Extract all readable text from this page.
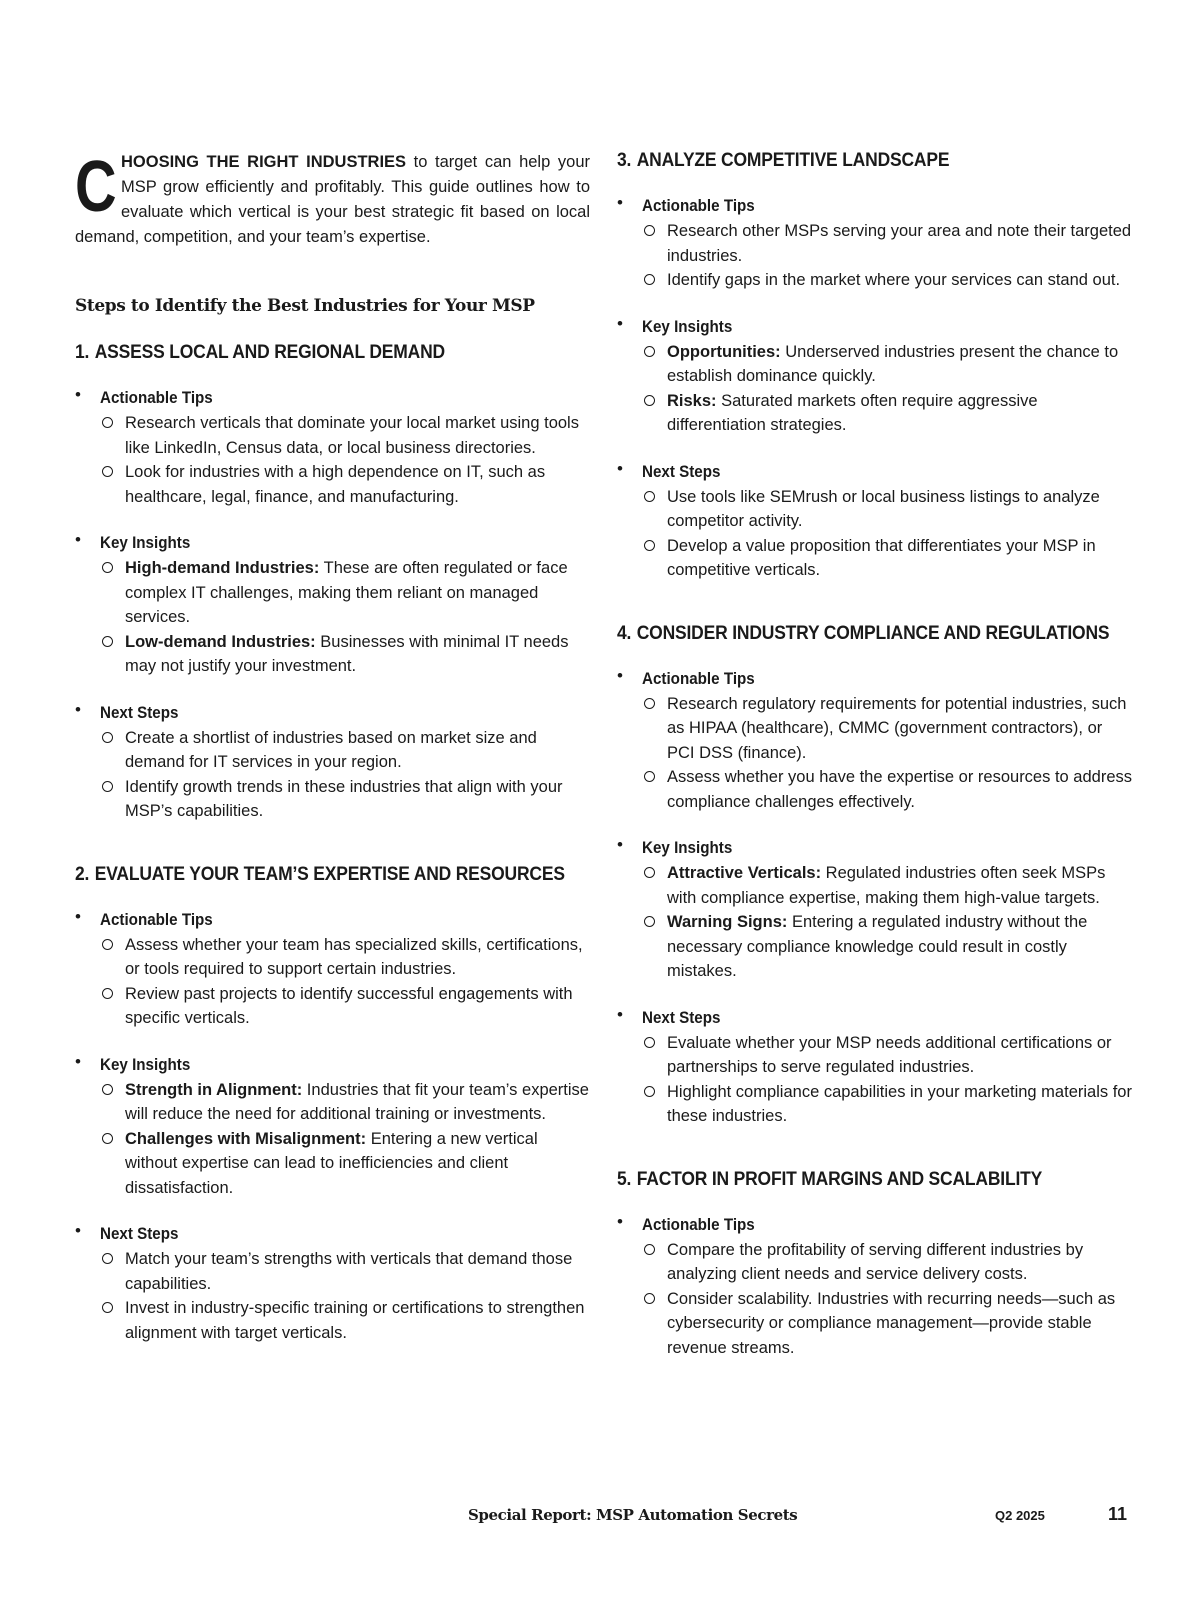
CHOOSING THE RIGHT INDUSTRIES to target can help your MSP grow efficiently and profitably. This guide outlines how to evaluate which vertical is your best strategic fit based on local demand, competition, and your team’s expertise.

Steps to Identify the Best Industries for Your MSP
1. ASSESS LOCAL AND REGIONAL DEMAND
• Actionable Tips
Research verticals that dominate your local market using tools like LinkedIn, Census data, or local business directories.
Look for industries with a high dependence on IT, such as healthcare, legal, finance, and manufacturing.
• Key Insights
High-demand Industries: These are often regulated or face complex IT challenges, making them reliant on managed services.
Low-demand Industries: Businesses with minimal IT needs may not justify your investment.
• Next Steps
Create a shortlist of industries based on market size and demand for IT services in your region.
Identify growth trends in these industries that align with your MSP’s capabilities.
2. EVALUATE YOUR TEAM’S EXPERTISE AND RESOURCES
• Actionable Tips
Assess whether your team has specialized skills, certifications, or tools required to support certain industries.
Review past projects to identify successful engagements with specific verticals.
• Key Insights
Strength in Alignment: Industries that fit your team’s expertise will reduce the need for additional training or investments.
Challenges with Misalignment: Entering a new vertical without expertise can lead to inefficiencies and client dissatisfaction.
• Next Steps
Match your team’s strengths with verticals that demand those capabilities.
Invest in industry-specific training or certifications to strengthen alignment with target verticals.
3. ANALYZE COMPETITIVE LANDSCAPE
• Actionable Tips
Research other MSPs serving your area and note their targeted industries.
Identify gaps in the market where your services can stand out.
• Key Insights
Opportunities: Underserved industries present the chance to establish dominance quickly.
Risks: Saturated markets often require aggressive differentiation strategies.
• Next Steps
Use tools like SEMrush or local business listings to analyze competitor activity.
Develop a value proposition that differentiates your MSP in competitive verticals.
4. CONSIDER INDUSTRY COMPLIANCE AND REGULATIONS
• Actionable Tips
Research regulatory requirements for potential industries, such as HIPAA (healthcare), CMMC (government contractors), or PCI DSS (finance).
Assess whether you have the expertise or resources to address compliance challenges effectively.
• Key Insights
Attractive Verticals: Regulated industries often seek MSPs with compliance expertise, making them high-value targets.
Warning Signs: Entering a regulated industry without the necessary compliance knowledge could result in costly mistakes.
• Next Steps
Evaluate whether your MSP needs additional certifications or partnerships to serve regulated industries.
Highlight compliance capabilities in your marketing materials for these industries.
5. FACTOR IN PROFIT MARGINS AND SCALABILITY
• Actionable Tips
Compare the profitability of serving different industries by analyzing client needs and service delivery costs.
Consider scalability. Industries with recurring needs—such as cybersecurity or compliance management—provide stable revenue streams.
Special Report: MSP Automation Secrets	Q2 2025	11
